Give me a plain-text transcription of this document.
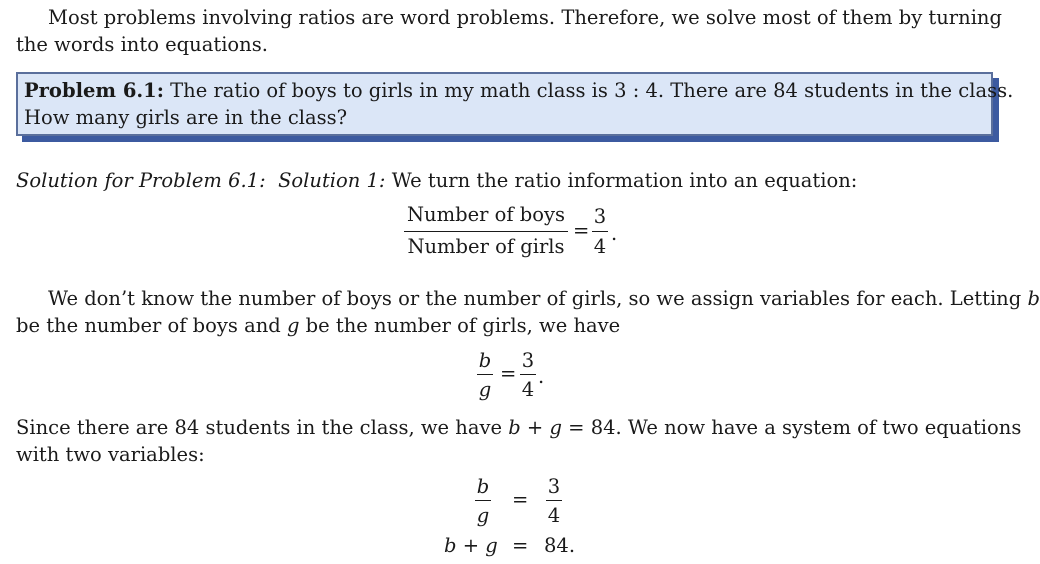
Most problems involving ratios are word problems. Therefore, we solve most of them by turning
the words into equations.
Problem 6.1: The ratio of boys to girls in my math class is 3 : 4. There are 84 students in the class.
How many girls are in the class?
Solution for Problem 6.1: Solution 1: We turn the ratio information into an equation:
Number of boys
Number of girls
=
3
4
.
We don’t know the number of boys or the number of girls, so we assign variables for each. Letting b
be the number of boys and g be the number of girls, we have
b
g
=
3
4
.
Since there are 84 students in the class, we have b + g = 84. We now have a system of two equations
with two variables:
b
g
=
3
4
b + g = 84.
